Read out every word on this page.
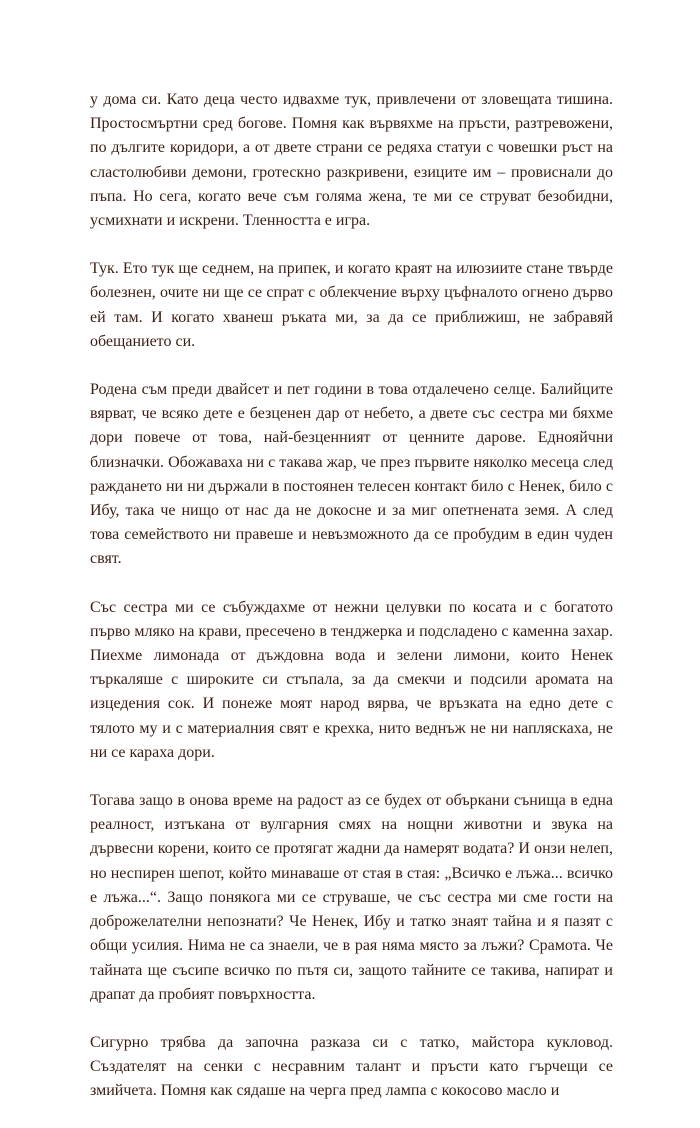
у дома си. Като деца често идвахме тук, привлечени от зловещата тишина. Простосмъртни сред богове. Помня как вървяхме на пръсти, разтревожени, по дългите коридори, а от двете страни се редяха статуи с човешки ръст на сластолюбиви демони, гротескно разкривени, езиците им – провиснали до пъпа. Но сега, когато вече съм голяма жена, те ми се струват безобидни, усмихнати и искрени. Тленността е игра.

Тук. Ето тук ще седнем, на припек, и когато краят на илюзиите стане твърде болезнен, очите ни ще се спрат с облекчение върху цъфналото огнено дърво ей там. И когато хванеш ръката ми, за да се приближиш, не забравяй обещанието си.

Родена съм преди двайсет и пет години в това отдалечено селце. Балийците вярват, че всяко дете е безценен дар от небето, а двете със сестра ми бяхме дори повече от това, най-безценният от ценните дарове. Еднояйчни близначки. Обожаваха ни с такава жар, че през първите няколко месеца след раждането ни ни държали в постоянен телесен контакт било с Ненек, било с Ибу, така че нищо от нас да не докосне и за миг опетнената земя. А след това семейството ни правеше и невъзможното да се пробудим в един чуден свят.

Със сестра ми се събуждахме от нежни целувки по косата и с богатото първо мляко на крави, пресечено в тенджерка и подсладено с каменна захар. Пиехме лимонада от дъждовна вода и зелени лимони, които Ненек търкаляше с широките си стъпала, за да смекчи и подсили аромата на изцедения сок. И понеже моят народ вярва, че връзката на едно дете с тялото му и с материалния свят е крехка, нито веднъж не ни напляскаха, не ни се караха дори.

Тогава защо в онова време на радост аз се будех от объркани сънища в една реалност, изтъкана от вулгарния смях на нощни животни и звука на дървесни корени, които се протягат жадни да намерят водата? И онзи нелеп, но неспирен шепот, който минаваше от стая в стая: „Всичко е лъжа... всичко е лъжа...“. Защо понякога ми се струваше, че със сестра ми сме гости на доброжелателни непознати? Че Ненек, Ибу и татко знаят тайна и я пазят с общи усилия. Нима не са знаели, че в рая няма място за лъжи? Срамота. Че тайната ще съсипе всичко по пътя си, защото тайните се такива, напират и драпат да пробият повърхността.

Сигурно трябва да започна разказа си с татко, майстора кукловод. Създателят на сенки с несравним талант и пръсти като гърчещи се змийчета. Помня как сядаше на черга пред лампа с кокосово масло и
